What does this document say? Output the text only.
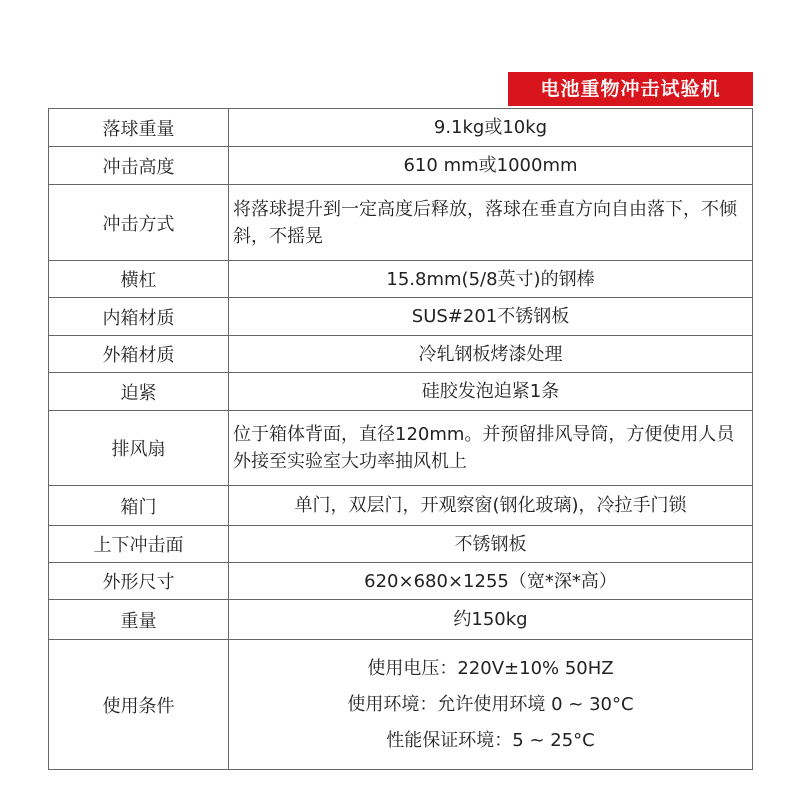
电池重物冲击试验机
落球重量	9.1kg或10kg
冲击高度	610 mm或1000mm
冲击方式	将落球提升到一定高度后释放，落球在垂直方向自由落下，不倾斜，不摇晃
横杠	15.8mm(5/8英寸)的钢棒
内箱材质	SUS#201不锈钢板
外箱材质	冷轧钢板烤漆处理
迫紧	硅胶发泡迫紧1条
排风扇	位于箱体背面，直径120mm。并预留排风导筒，方便使用人员外接至实验室大功率抽风机上
箱门	单门，双层门，开观察窗(钢化玻璃)，冷拉手门锁
上下冲击面	不锈钢板
外形尺寸	620×680×1255（宽*深*高）
重量	约150kg
使用条件	使用电压：220V±10% 50HZ
使用环境：允许使用环境 0 ~ 30°C
性能保证环境：5 ~ 25°C
